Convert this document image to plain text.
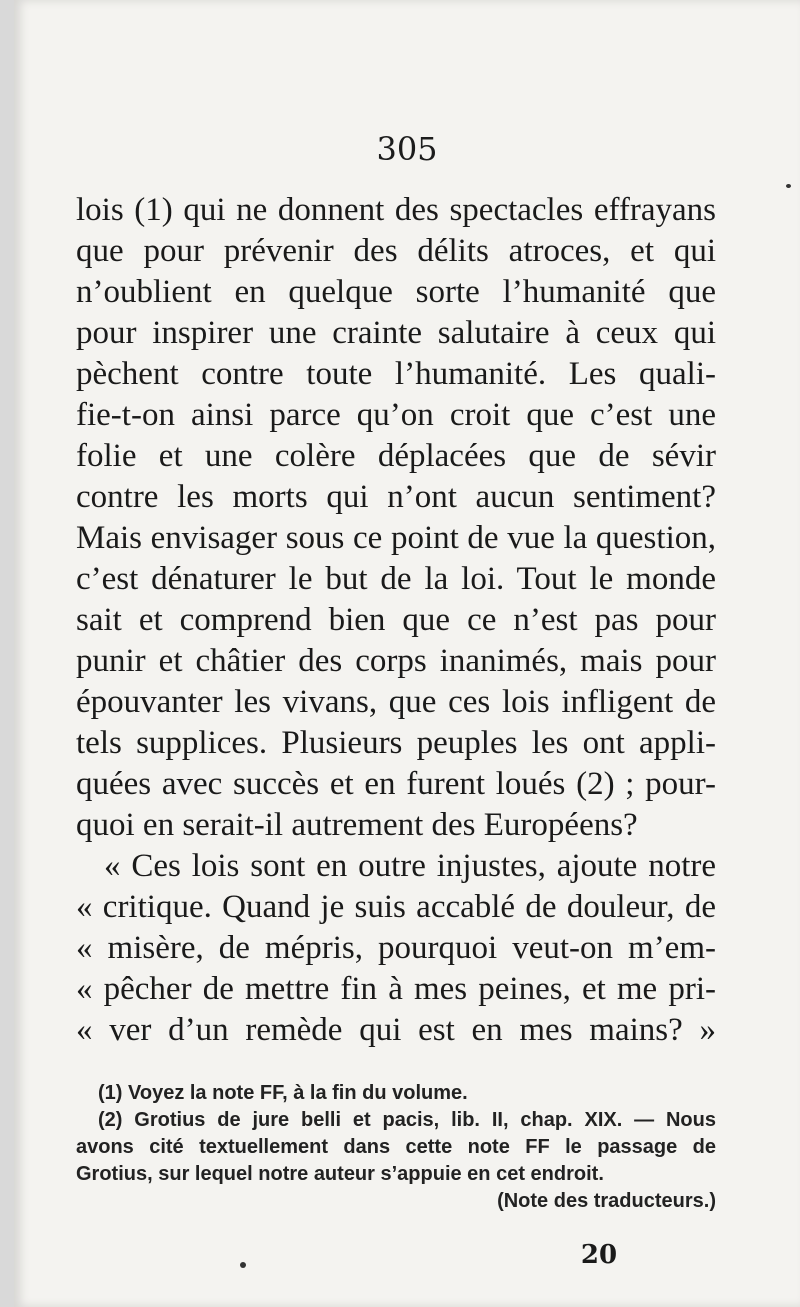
305
lois (1) qui ne donnent des spectacles effrayans
que pour prévenir des délits atroces, et qui
n’oublient en quelque sorte l’humanité que
pour inspirer une crainte salutaire à ceux qui
pèchent contre toute l’humanité. Les quali-
fie-t-on ainsi parce qu’on croit que c’est une
folie et une colère déplacées que de sévir
contre les morts qui n’ont aucun sentiment?
Mais envisager sous ce point de vue la question,
c’est dénaturer le but de la loi. Tout le monde
sait et comprend bien que ce n’est pas pour
punir et châtier des corps inanimés, mais pour
épouvanter les vivans, que ces lois infligent de
tels supplices. Plusieurs peuples les ont appli-
quées avec succès et en furent loués (2) ; pour-
quoi en serait-il autrement des Européens?
« Ces lois sont en outre injustes, ajoute notre
« critique. Quand je suis accablé de douleur, de
« misère, de mépris, pourquoi veut-on m’em-
« pêcher de mettre fin à mes peines, et me pri-
« ver d’un remède qui est en mes mains? »
(1) Voyez la note FF, à la fin du volume.
(2) Grotius de jure belli et pacis, lib. II, chap. XIX. — Nous
avons cité textuellement dans cette note FF le passage de
Grotius, sur lequel notre auteur s’appuie en cet endroit.
(Note des traducteurs.)
20
